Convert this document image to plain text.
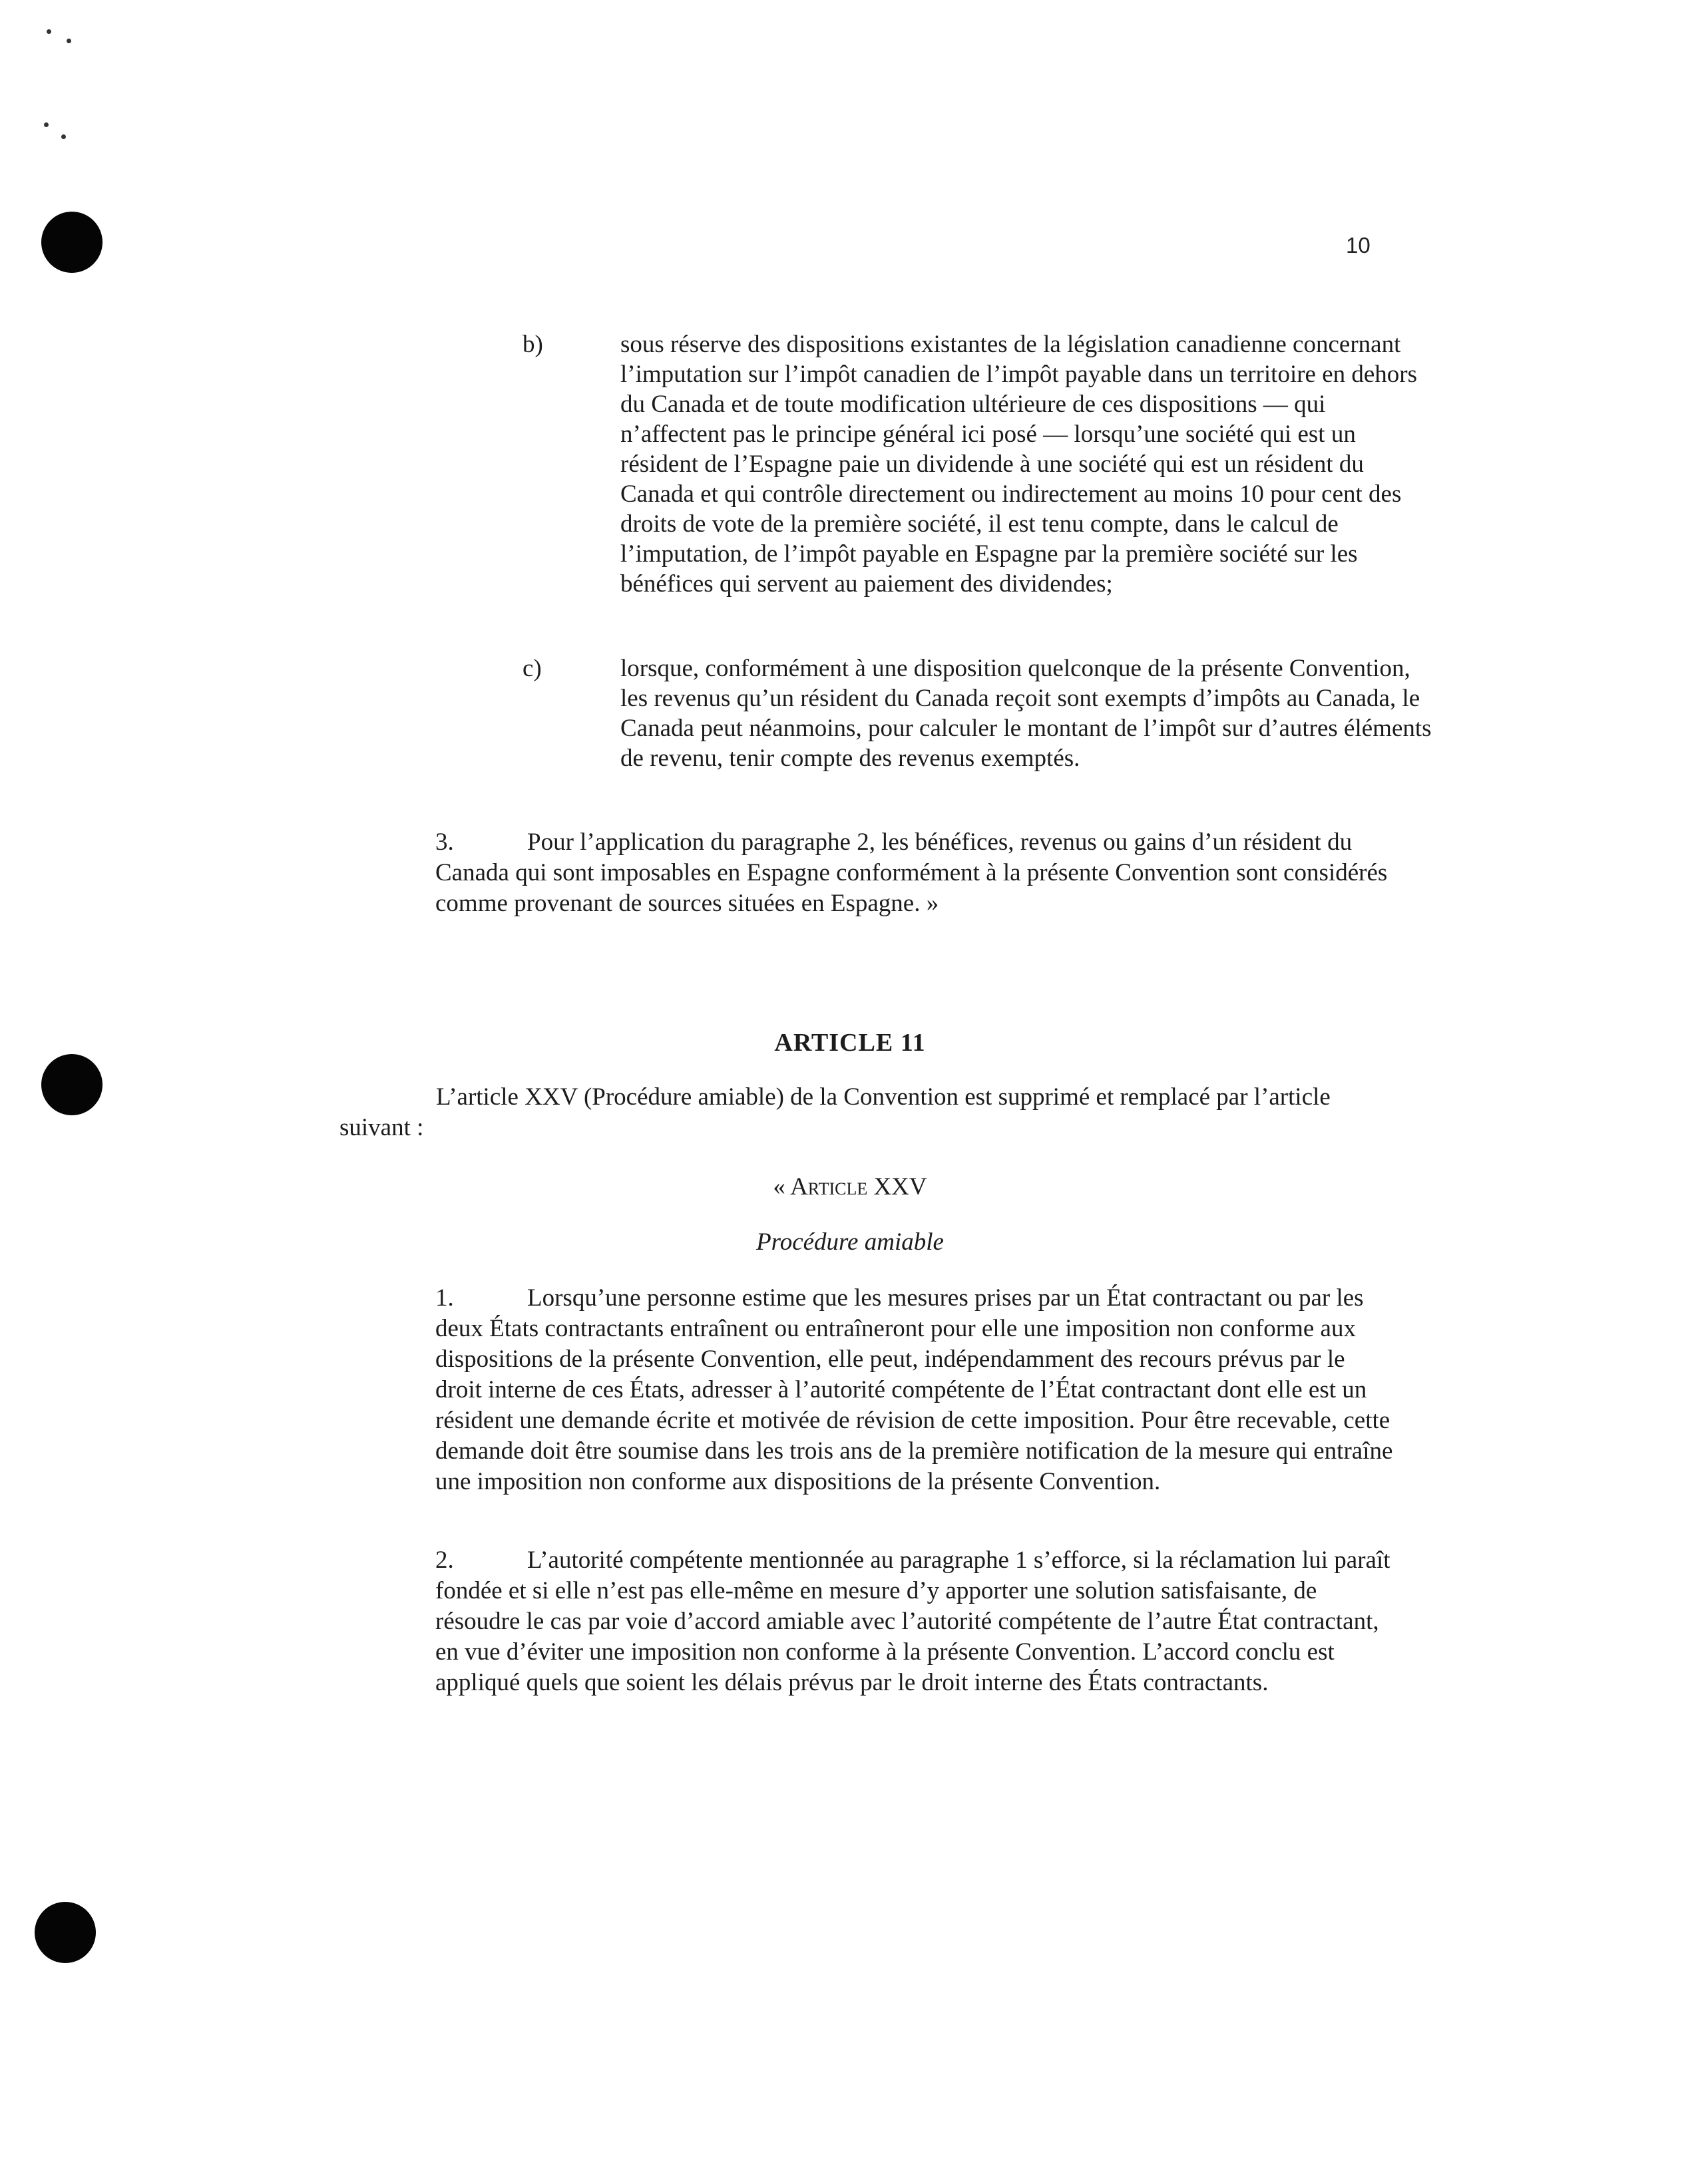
10
b)	sous réserve des dispositions existantes de la législation canadienne concernant l’imputation sur l’impôt canadien de l’impôt payable dans un territoire en dehors du Canada et de toute modification ultérieure de ces dispositions — qui n’affectent pas le principe général ici posé — lorsqu’une société qui est un résident de l’Espagne paie un dividende à une société qui est un résident du Canada et qui contrôle directement ou indirectement au moins 10 pour cent des droits de vote de la première société, il est tenu compte, dans le calcul de l’imputation, de l’impôt payable en Espagne par la première société sur les bénéfices qui servent au paiement des dividendes;
c)	lorsque, conformément à une disposition quelconque de la présente Convention, les revenus qu’un résident du Canada reçoit sont exempts d’impôts au Canada, le Canada peut néanmoins, pour calculer le montant de l’impôt sur d’autres éléments de revenu, tenir compte des revenus exemptés.
3.	Pour l’application du paragraphe 2, les bénéfices, revenus ou gains d’un résident du Canada qui sont imposables en Espagne conformément à la présente Convention sont considérés comme provenant de sources situées en Espagne. »
ARTICLE 11
L’article XXV (Procédure amiable) de la Convention est supprimé et remplacé par l’article suivant :
« Article XXV
Procédure amiable
1.	Lorsqu’une personne estime que les mesures prises par un État contractant ou par les deux États contractants entraînent ou entraîneront pour elle une imposition non conforme aux dispositions de la présente Convention, elle peut, indépendamment des recours prévus par le droit interne de ces États, adresser à l’autorité compétente de l’État contractant dont elle est un résident une demande écrite et motivée de révision de cette imposition. Pour être recevable, cette demande doit être soumise dans les trois ans de la première notification de la mesure qui entraîne une imposition non conforme aux dispositions de la présente Convention.
2.	L’autorité compétente mentionnée au paragraphe 1 s’efforce, si la réclamation lui paraît fondée et si elle n’est pas elle-même en mesure d’y apporter une solution satisfaisante, de résoudre le cas par voie d’accord amiable avec l’autorité compétente de l’autre État contractant, en vue d’éviter une imposition non conforme à la présente Convention. L’accord conclu est appliqué quels que soient les délais prévus par le droit interne des États contractants.
